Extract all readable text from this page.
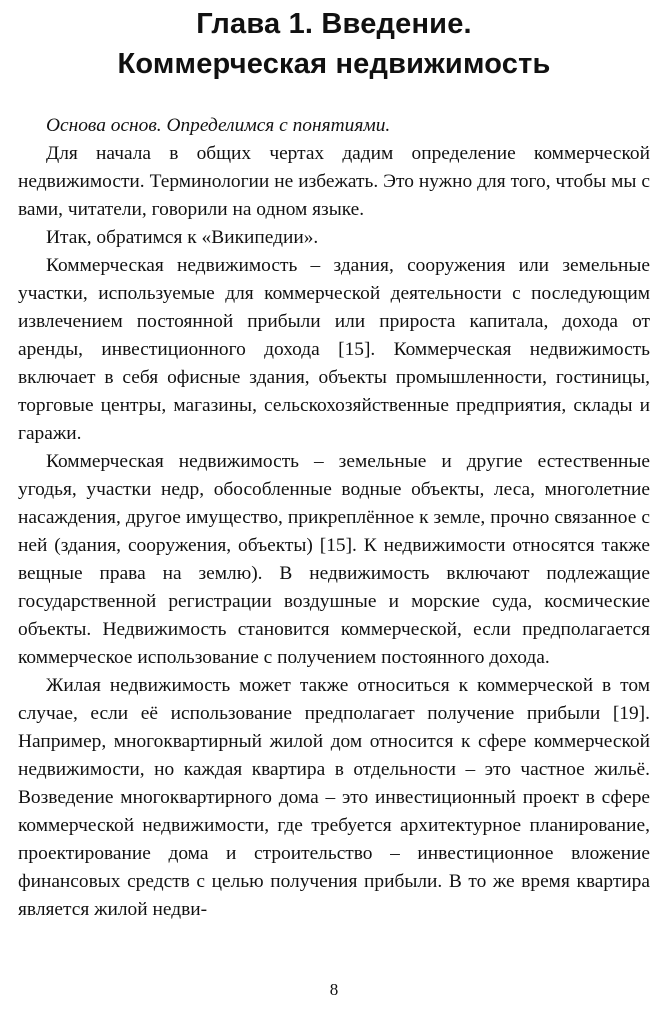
Глава 1. Введение.
Коммерческая недвижимость

Основа основ. Определимся с понятиями.

Для начала в общих чертах дадим определение коммерческой недвижимости. Терминологии не избежать. Это нужно для того, чтобы мы с вами, читатели, говорили на одном языке.

Итак, обратимся к «Википедии».

Коммерческая недвижимость – здания, сооружения или земельные участки, используемые для коммерческой деятельности с последующим извлечением постоянной прибыли или прироста капитала, дохода от аренды, инвестиционного дохода [15]. Коммерческая недвижимость включает в себя офисные здания, объекты промышленности, гостиницы, торговые центры, магазины, сельскохозяйственные предприятия, склады и гаражи.

Коммерческая недвижимость – земельные и другие естественные угодья, участки недр, обособленные водные объекты, леса, многолетние насаждения, другое имущество, прикреплённое к земле, прочно связанное с ней (здания, сооружения, объекты) [15]. К недвижимости относятся также вещные права на землю). В недвижимость включают подлежащие государственной регистрации воздушные и морские суда, космические объекты. Недвижимость становится коммерческой, если предполагается коммерческое использование с получением постоянного дохода.

Жилая недвижимость может также относиться к коммерческой в том случае, если её использование предполагает получение прибыли [19]. Например, многоквартирный жилой дом относится к сфере коммерческой недвижимости, но каждая квартира в отдельности – это частное жильё. Возведение многоквартирного дома – это инвестиционный проект в сфере коммерческой недвижимости, где требуется архитектурное планирование, проектирование дома и строительство – инвестиционное вложение финансовых средств с целью получения прибыли. В то же время квартира является жилой недви-

8
